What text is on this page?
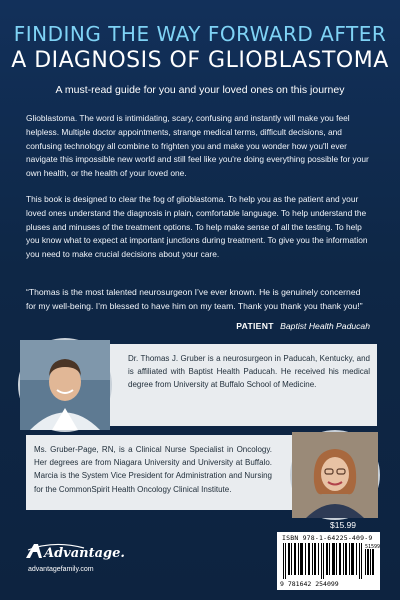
FINDING THE WAY FORWARD AFTER
A DIAGNOSIS OF GLIOBLASTOMA
A must-read guide for you and your loved ones on this journey
Glioblastoma. The word is intimidating, scary, confusing and instantly will make you feel helpless. Multiple doctor appointments, strange medical terms, difficult decisions, and confusing technology all combine to frighten you and make you wonder how you'll ever navigate this impossible new world and still feel like you're doing everything possible for your own health, or the health of your loved one.
This book is designed to clear the fog of glioblastoma. To help you as the patient and your loved ones understand the diagnosis in plain, comfortable language. To help understand the pluses and minuses of the treatment options. To help make sense of all the testing. To help you know what to expect at important junctions during treatment. To give you the information you need to make crucial decisions about your care.
“Thomas is the most talented neurosurgeon I’ve ever known. He is genuinely concerned for my well-being. I’m blessed to have him on my team. Thank you thank you thank you!”
PATIENT Baptist Health Paducah
Dr. Thomas J. Gruber is a neurosurgeon in Paducah, Kentucky, and is affiliated with Baptist Health Paducah. He received his medical degree from University at Buffalo School of Medicine.
Ms. Gruber-Page, RN, is a Clinical Nurse Specialist in Oncology. Her degrees are from Niagara University and University at Buffalo. Marcia is the System Vice President for Administration and Nursing for the CommonSpirit Health Oncology Clinical Institute.
$15.99
ISBN 978-1-64225-409-9
51599
9 781642 254099
Advantage.
advantagefamily.com
